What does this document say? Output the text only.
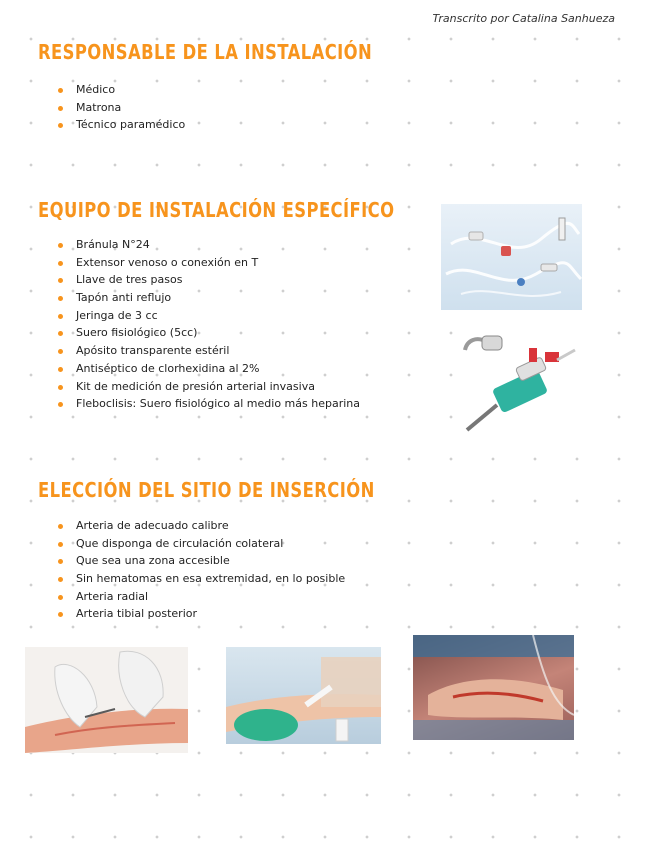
Transcrito por Catalina Sanhueza
RESPONSABLE DE LA INSTALACIÓN
Médico
Matrona
Técnico paramédico
EQUIPO DE INSTALACIÓN ESPECÍFICO
Bránula N°24
Extensor venoso o conexión en T
Llave de tres pasos
Tapón anti reflujo
Jeringa de 3 cc
Suero fisiológico (5cc)
Apósito transparente estéril
Antiséptico de clorhexidina al 2%
Kit de medición de presión arterial invasiva
Fleboclisis: Suero fisiológico al medio más heparina
ELECCIÓN DEL SITIO DE INSERCIÓN
Arteria de adecuado calibre
Que disponga de circulación colateral
Que sea una zona accesible
Sin hematomas en esa extremidad, en lo posible
Arteria radial
Arteria tibial posterior
